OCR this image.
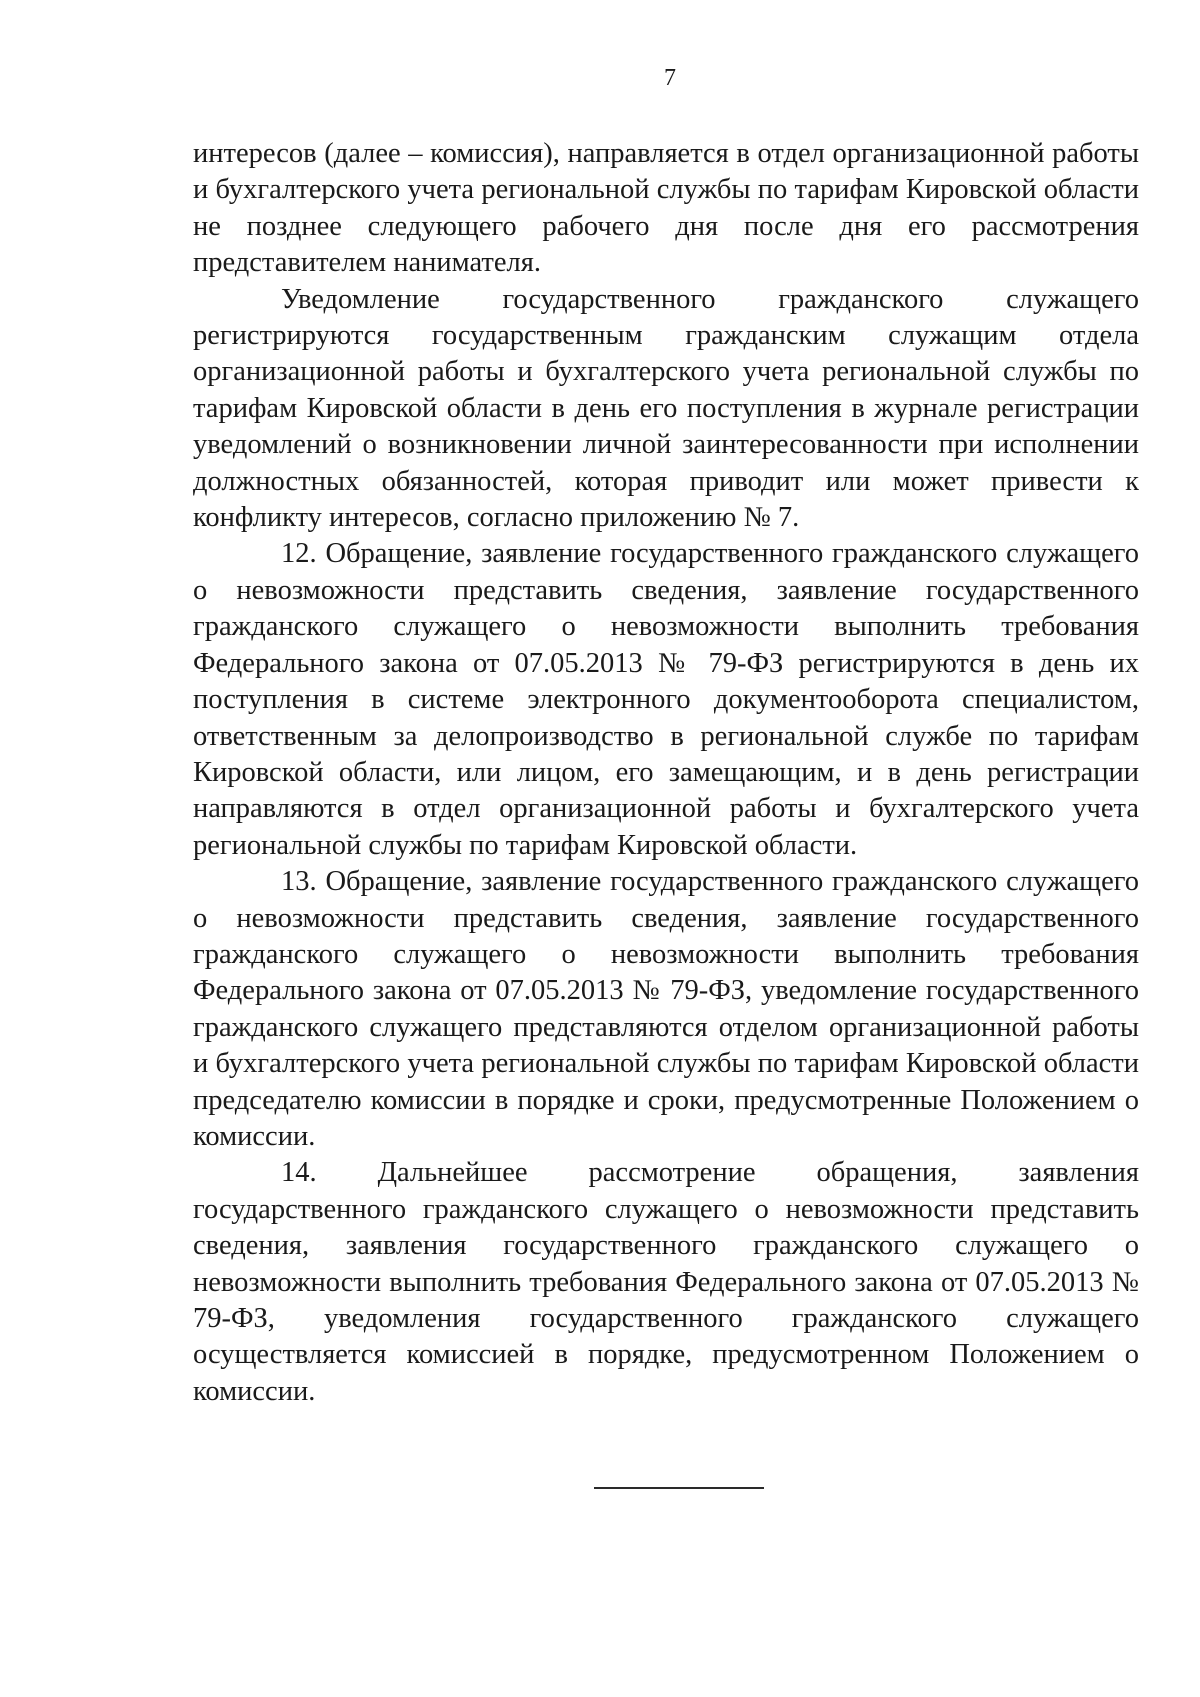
7

интересов (далее – комиссия), направляется в отдел организационной работы и бухгалтерского учета региональной службы по тарифам Кировской области не позднее следующего рабочего дня после дня его рассмотрения представителем нанимателя.

Уведомление государственного гражданского служащего регистрируются государственным гражданским служащим отдела организационной работы и бухгалтерского учета региональной службы по тарифам Кировской области в день его поступления в журнале регистрации уведомлений о возникновении личной заинтересованности при исполнении должностных обязанностей, которая приводит или может привести к конфликту интересов, согласно приложению № 7.

12. Обращение, заявление государственного гражданского служащего о невозможности представить сведения, заявление государственного гражданского служащего о невозможности выполнить требования Федерального закона от 07.05.2013 № 79-ФЗ регистрируются в день их поступления в системе электронного документооборота специалистом, ответственным за делопроизводство в региональной службе по тарифам Кировской области, или лицом, его замещающим, и в день регистрации направляются в отдел организационной работы и бухгалтерского учета региональной службы по тарифам Кировской области.

13. Обращение, заявление государственного гражданского служащего о невозможности представить сведения, заявление государственного гражданского служащего о невозможности выполнить требования Федерального закона от 07.05.2013 № 79-ФЗ, уведомление государственного гражданского служащего представляются отделом организационной работы и бухгалтерского учета региональной службы по тарифам Кировской области председателю комиссии в порядке и сроки, предусмотренные Положением о комиссии.

14. Дальнейшее рассмотрение обращения, заявления государственного гражданского служащего о невозможности представить сведения, заявления государственного гражданского служащего о невозможности выполнить требования Федерального закона от 07.05.2013 № 79-ФЗ, уведомления государственного гражданского служащего осуществляется комиссией в порядке, предусмотренном Положением о комиссии.
